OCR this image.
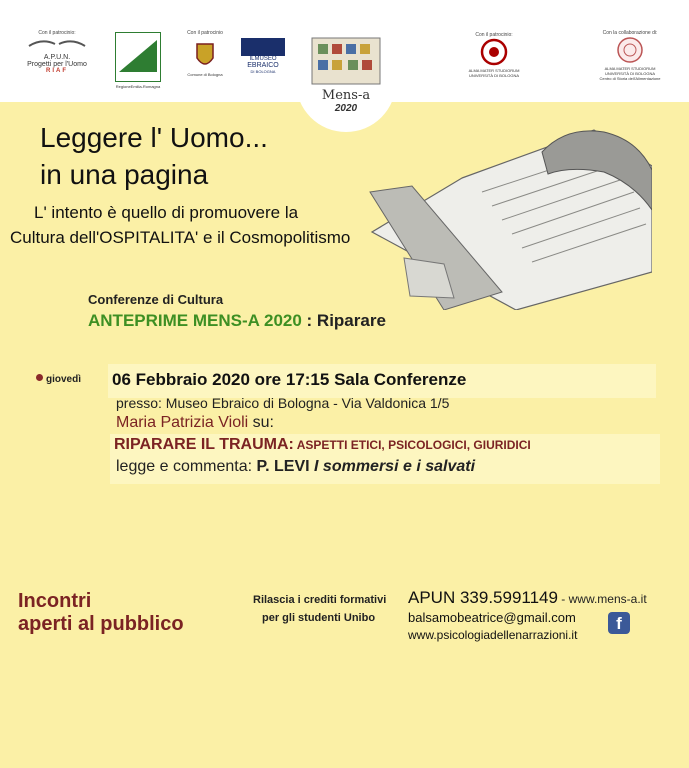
Con il patrocinio:
A.P.U.N.
Progetti per l'Uomo
RIAF
RegioneEmilia-Romagna
Con il patrocinio
Comune di Bologna
ILMUSEO
EBRAICO
DI BOLOGNA
Mens-a
2020
Con il patrocinio:
ALMA MATER STUDIORUM
UNIVERSITÀ DI BOLOGNA
Con la collaborazione di:
ALMA MATER STUDIORUM
UNIVERSITÀ DI BOLOGNA
Centro di Storia dell'Alimentazione
Leggere l' Uomo...
in una pagina
L' intento è quello di promuovere la
Cultura dell'OSPITALITA' e il Cosmopolitismo
Conferenze di Cultura
ANTEPRIME MENS-A 2020 : Riparare
giovedì 06 Febbraio 2020 ore 17:15 Sala Conferenze
presso: Museo Ebraico di Bologna - Via Valdonica 1/5
Maria Patrizia Violi su:
RIPARARE IL TRAUMA: ASPETTI ETICI, PSICOLOGICI, GIURIDICI
legge e commenta: P. LEVI I sommersi e i salvati
Incontri
aperti al pubblico
Rilascia i crediti formativi
per gli studenti Unibo
APUN 339.5991149 - www.mens-a.it
balsamobeatrice@gmail.com
www.psicologiadellenarrazioni.it
f
